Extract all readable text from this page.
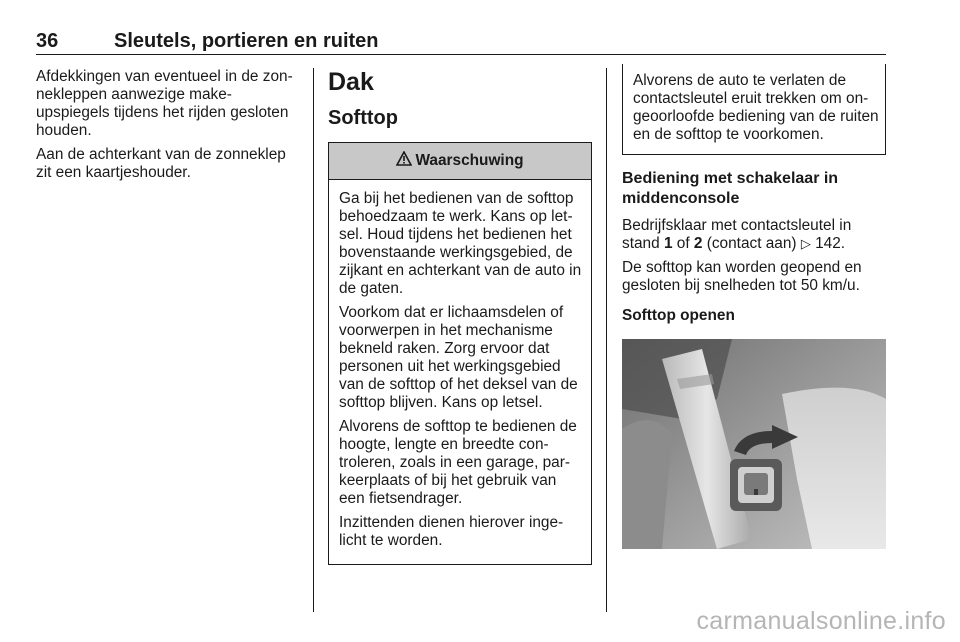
36	Sleutels, portieren en ruiten

Afdekkingen van eventueel in de zonnekleppen aanwezige make-upspiegels tijdens het rijden gesloten houden.

Aan de achterkant van de zonneklep zit een kaartjeshouder.

Dak
Softtop
Waarschuwing

Ga bij het bedienen van de softtop behoedzaam te werk. Kans op letsel. Houd tijdens het bedienen het bovenstaande werkingsgebied, de zijkant en achterkant van de auto in de gaten.

Voorkom dat er lichaamsdelen of voorwerpen in het mechanisme bekneld raken. Zorg ervoor dat personen uit het werkingsgebied van de softtop of het deksel van de softtop blijven. Kans op letsel.

Alvorens de softtop te bedienen de hoogte, lengte en breedte controleren, zoals in een garage, parkeerplaats of bij het gebruik van een fietsendrager.

Inzittenden dienen hierover ingelicht te worden.

Alvorens de auto te verlaten de contactsleutel eruit trekken om ongeoorloofde bediening van de ruiten en de softtop te voorkomen.

Bediening met schakelaar in middenconsole

Bedrijfsklaar met contactsleutel in stand 1 of 2 (contact aan) ▷ 142.

De softtop kan worden geopend en gesloten bij snelheden tot 50 km/u.

Softtop openen
carmanualsonline.info
